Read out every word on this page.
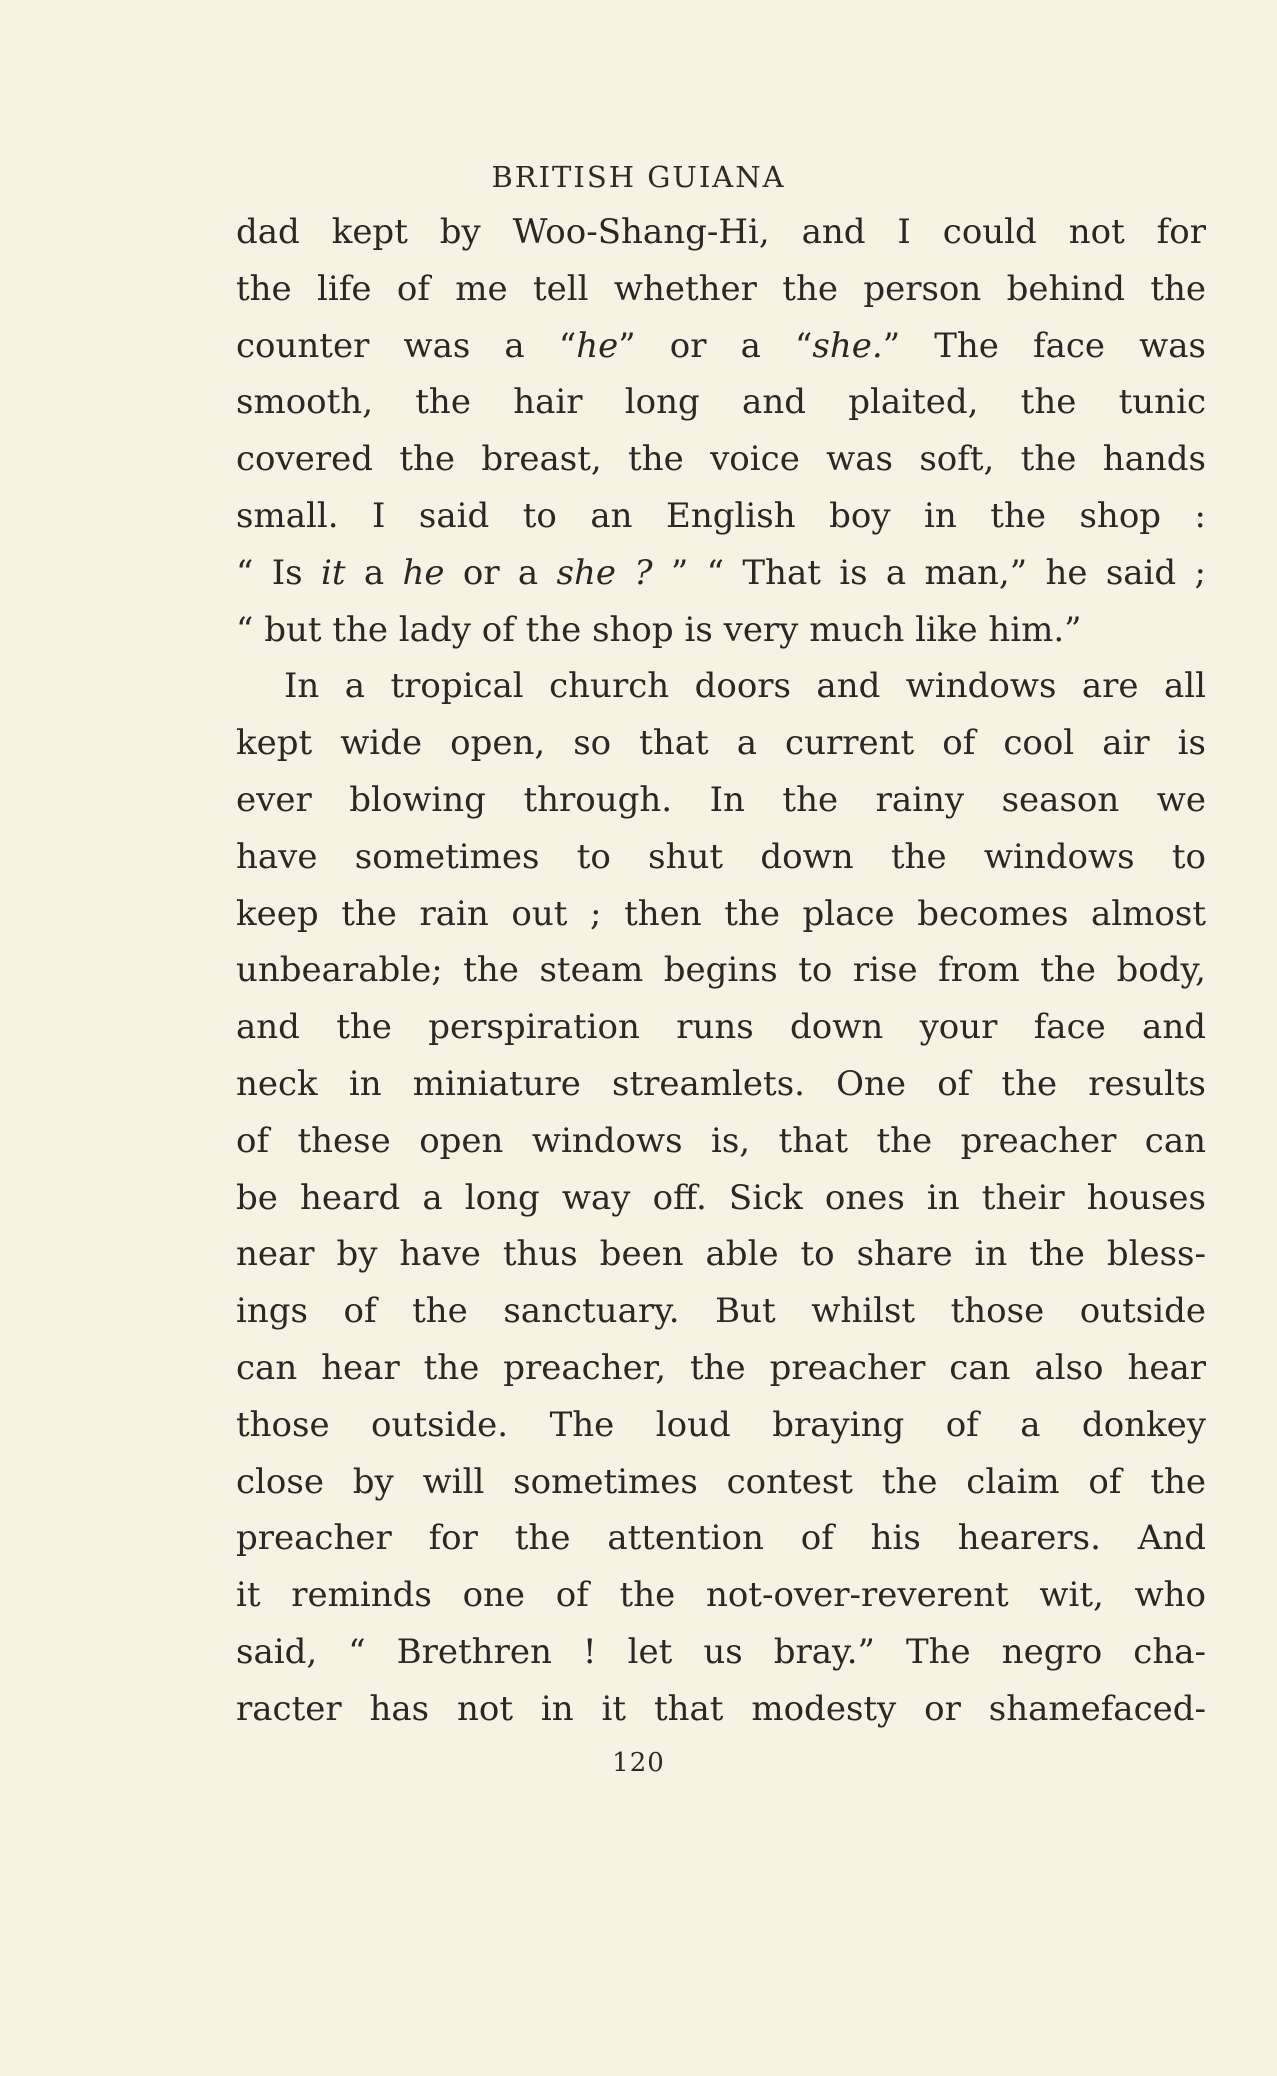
BRITISH GUIANA
dad kept by Woo-Shang-Hi, and I could not for
the life of me tell whether the person behind the
counter was a “he” or a “she.” The face was
smooth, the hair long and plaited, the tunic
covered the breast, the voice was soft, the hands
small. I said to an English boy in the shop :
“ Is it a he or a she ? ” “ That is a man,” he said ;
“ but the lady of the shop is very much like him.”
In a tropical church doors and windows are all
kept wide open, so that a current of cool air is
ever blowing through. In the rainy season we
have sometimes to shut down the windows to
keep the rain out ; then the place becomes almost
unbearable; the steam begins to rise from the body,
and the perspiration runs down your face and
neck in miniature streamlets. One of the results
of these open windows is, that the preacher can
be heard a long way off. Sick ones in their houses
near by have thus been able to share in the bless-
ings of the sanctuary. But whilst those outside
can hear the preacher, the preacher can also hear
those outside. The loud braying of a donkey
close by will sometimes contest the claim of the
preacher for the attention of his hearers. And
it reminds one of the not-over-reverent wit, who
said, “ Brethren ! let us bray.” The negro cha-
racter has not in it that modesty or shamefaced-
120
